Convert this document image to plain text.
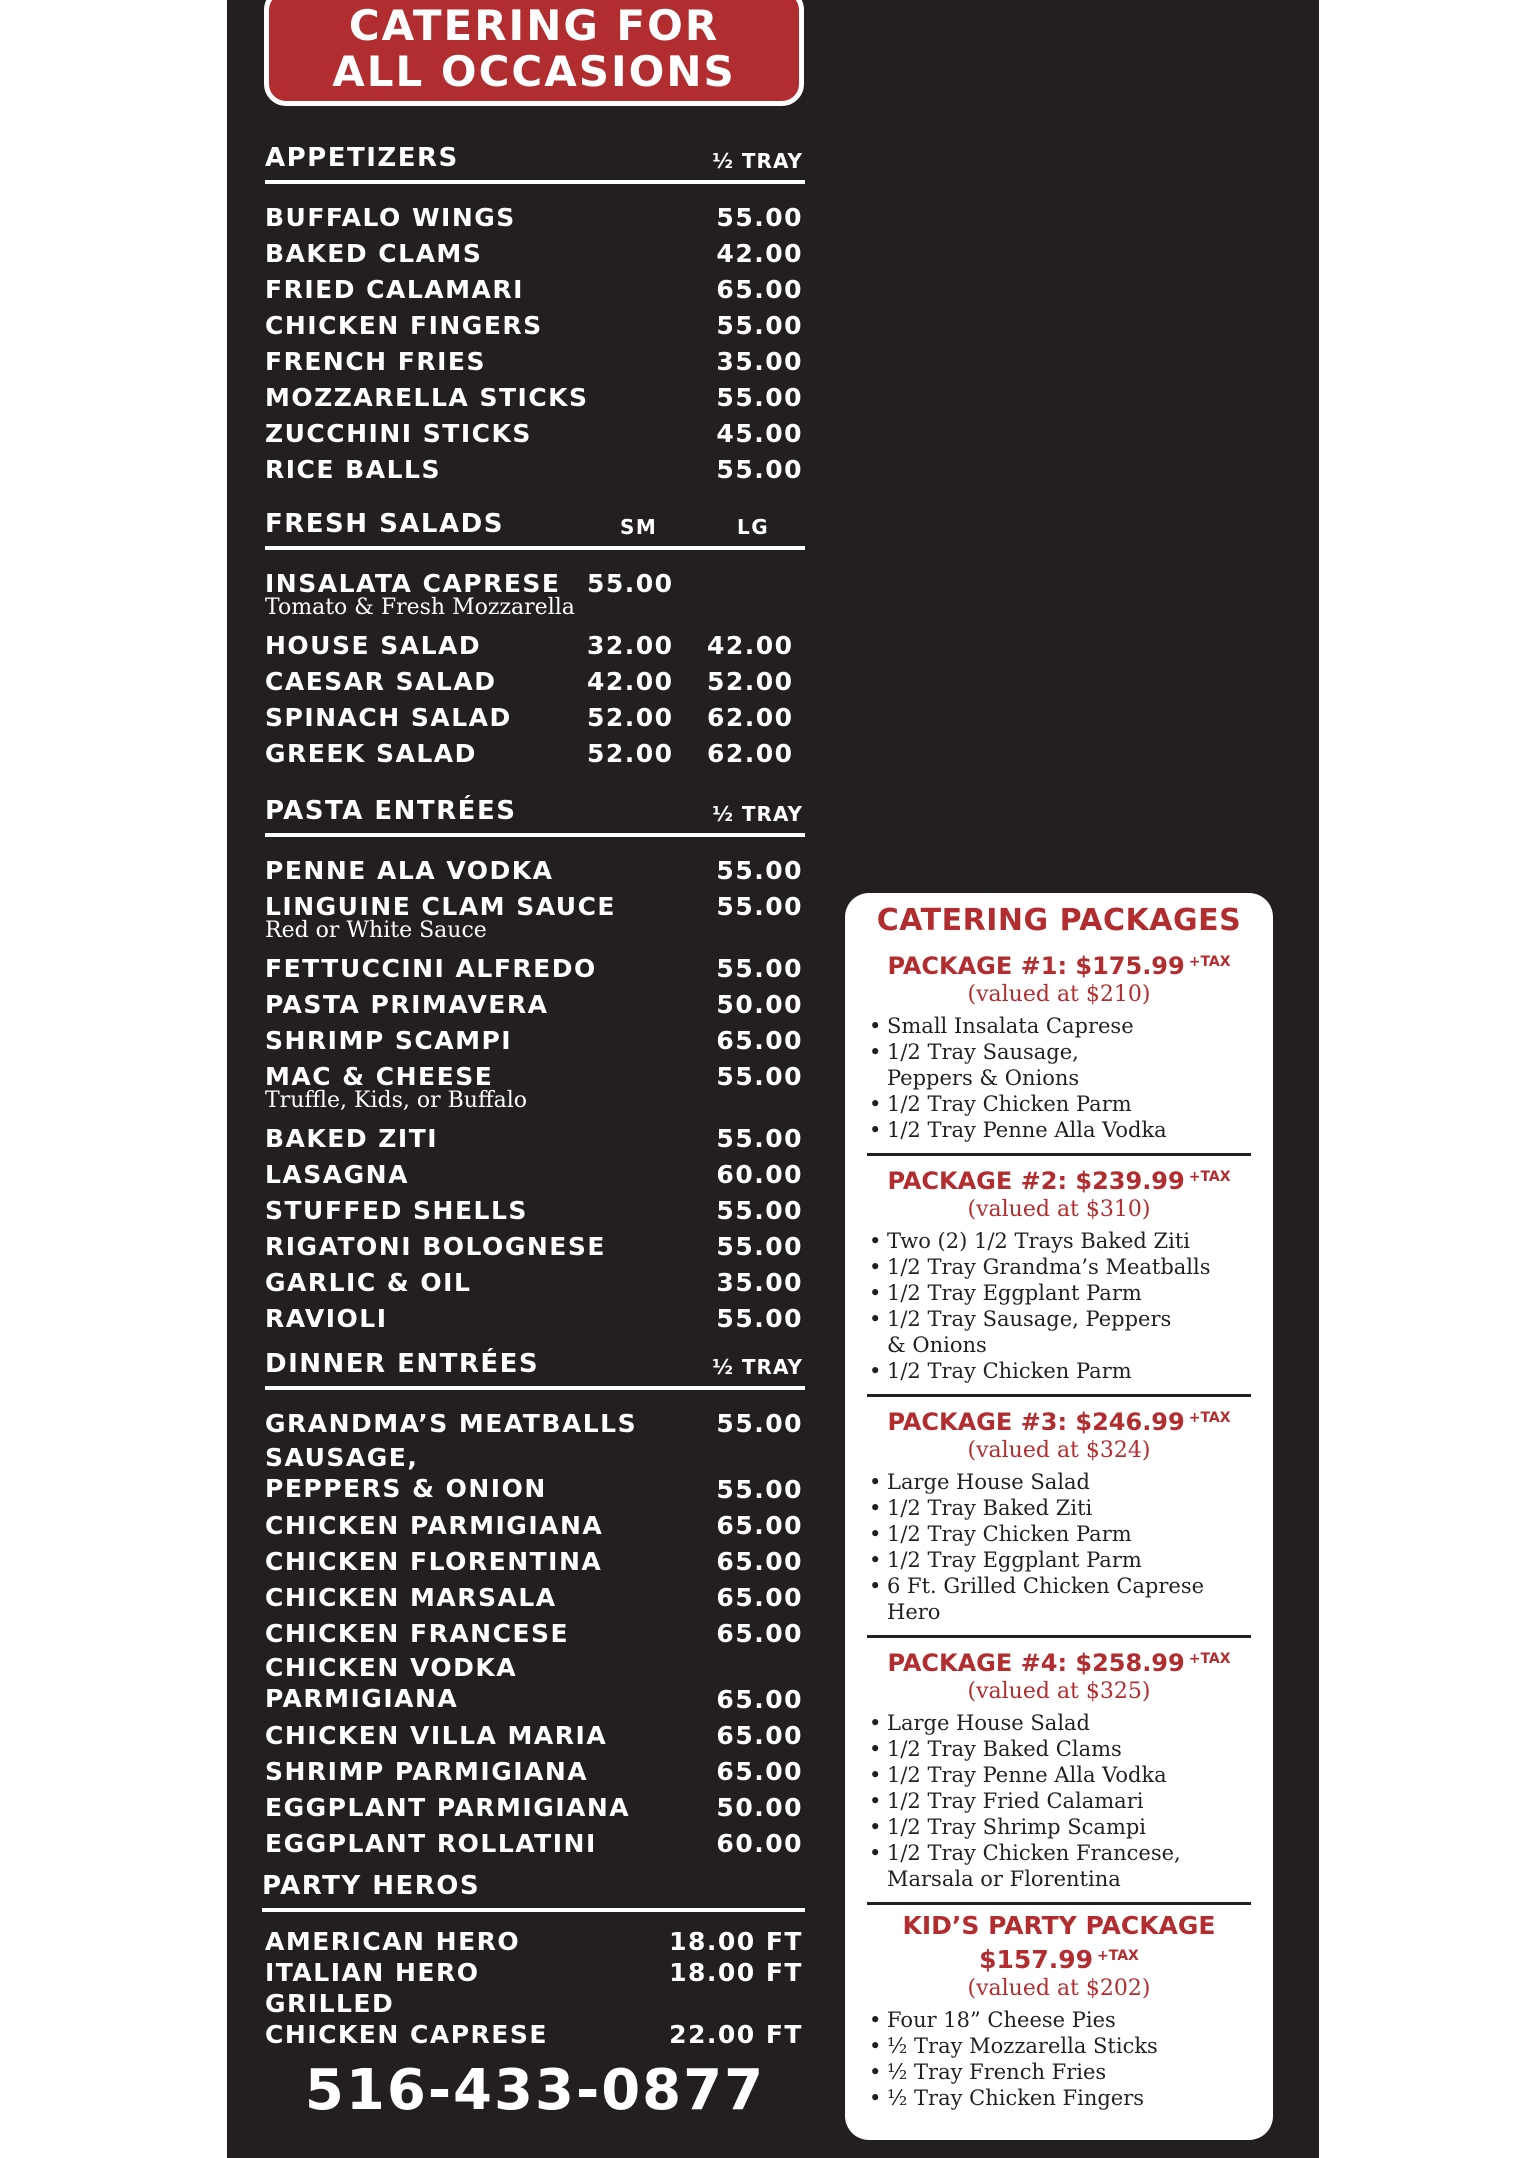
CATERING FOR
ALL OCCASIONS
APPETIZERS	½ TRAY
BUFFALO WINGS	55.00
BAKED CLAMS	42.00
FRIED CALAMARI	65.00
CHICKEN FINGERS	55.00
FRENCH FRIES	35.00
MOZZARELLA STICKS	55.00
ZUCCHINI STICKS	45.00
RICE BALLS	55.00
FRESH SALADS	SM	LG
INSALATA CAPRESE 55.00
Tomato & Fresh Mozzarella
HOUSE SALAD	32.00 42.00
CAESAR SALAD	42.00 52.00
SPINACH SALAD	52.00 62.00
GREEK SALAD	52.00 62.00
PASTA ENTRÉES	½ TRAY
PENNE ALA VODKA	55.00
LINGUINE CLAM SAUCE	55.00
Red or White Sauce
FETTUCCINI ALFREDO	55.00
PASTA PRIMAVERA	50.00
SHRIMP SCAMPI	65.00
MAC & CHEESE	55.00
Truffle, Kids, or Buffalo
BAKED ZITI	55.00
LASAGNA	60.00
STUFFED SHELLS	55.00
RIGATONI BOLOGNESE	55.00
GARLIC & OIL	35.00
RAVIOLI	55.00
DINNER ENTRÉES	½ TRAY
GRANDMA’S MEATBALLS	55.00
SAUSAGE,
PEPPERS & ONION	55.00
CHICKEN PARMIGIANA	65.00
CHICKEN FLORENTINA	65.00
CHICKEN MARSALA	65.00
CHICKEN FRANCESE	65.00
CHICKEN VODKA
PARMIGIANA	65.00
CHICKEN VILLA MARIA	65.00
SHRIMP PARMIGIANA	65.00
EGGPLANT PARMIGIANA	50.00
EGGPLANT ROLLATINI	60.00
PARTY HEROS
AMERICAN HERO	18.00 FT
ITALIAN HERO	18.00 FT
GRILLED
CHICKEN CAPRESE	22.00 FT
516-433-0877
CATERING PACKAGES
PACKAGE #1: $175.99 $^{+TAX}$
(valued at $210)
• Small Insalata Caprese
• 1/2 Tray Sausage,
Peppers & Onions
• 1/2 Tray Chicken Parm
• 1/2 Tray Penne Alla Vodka
PACKAGE #2: $239.99 $^{+TAX}$
(valued at $310)
• Two (2) 1/2 Trays Baked Ziti
• 1/2 Tray Grandma’s Meatballs
• 1/2 Tray Eggplant Parm
• 1/2 Tray Sausage, Peppers
& Onions
• 1/2 Tray Chicken Parm
PACKAGE #3: $246.99 $^{+TAX}$
(valued at $324)
• Large House Salad
• 1/2 Tray Baked Ziti
• 1/2 Tray Chicken Parm
• 1/2 Tray Eggplant Parm
• 6 Ft. Grilled Chicken Caprese Hero
PACKAGE #4: $258.99 $^{+TAX}$
(valued at $325)
• Large House Salad
• 1/2 Tray Baked Clams
• 1/2 Tray Penne Alla Vodka
• 1/2 Tray Fried Calamari
• 1/2 Tray Shrimp Scampi
• 1/2 Tray Chicken Francese,
Marsala or Florentina
KID’S PARTY PACKAGE
$157.99 $^{+TAX}$
(valued at $202)
• Four 18” Cheese Pies
• ½ Tray Mozzarella Sticks
• ½ Tray French Fries
• ½ Tray Chicken Fingers
